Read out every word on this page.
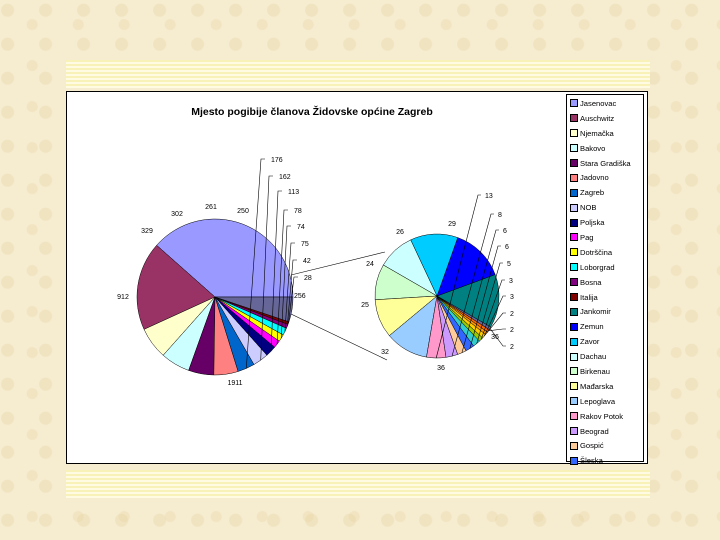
1911
912
329
302
261
250
176
162
113
78
74
75
42
28
256
36
36
32
25
24
26
29
13
8
6
6
5
3
3
2
2
2
Mjesto pogibije članova Židovske općine Zagreb
Jasenovac
Auschwitz
Njemačka
Bakovo
Stara Gradiška
Jadovno
Zagreb
NOB
Poljska
Pag
Dotrščina
Loborgrad
Bosna
Italija
Jankomir
Zemun
Zavor
Dachau
Birkenau
Mađarska
Lepoglava
Rakov Potok
Beograd
Gospić
Šleska
